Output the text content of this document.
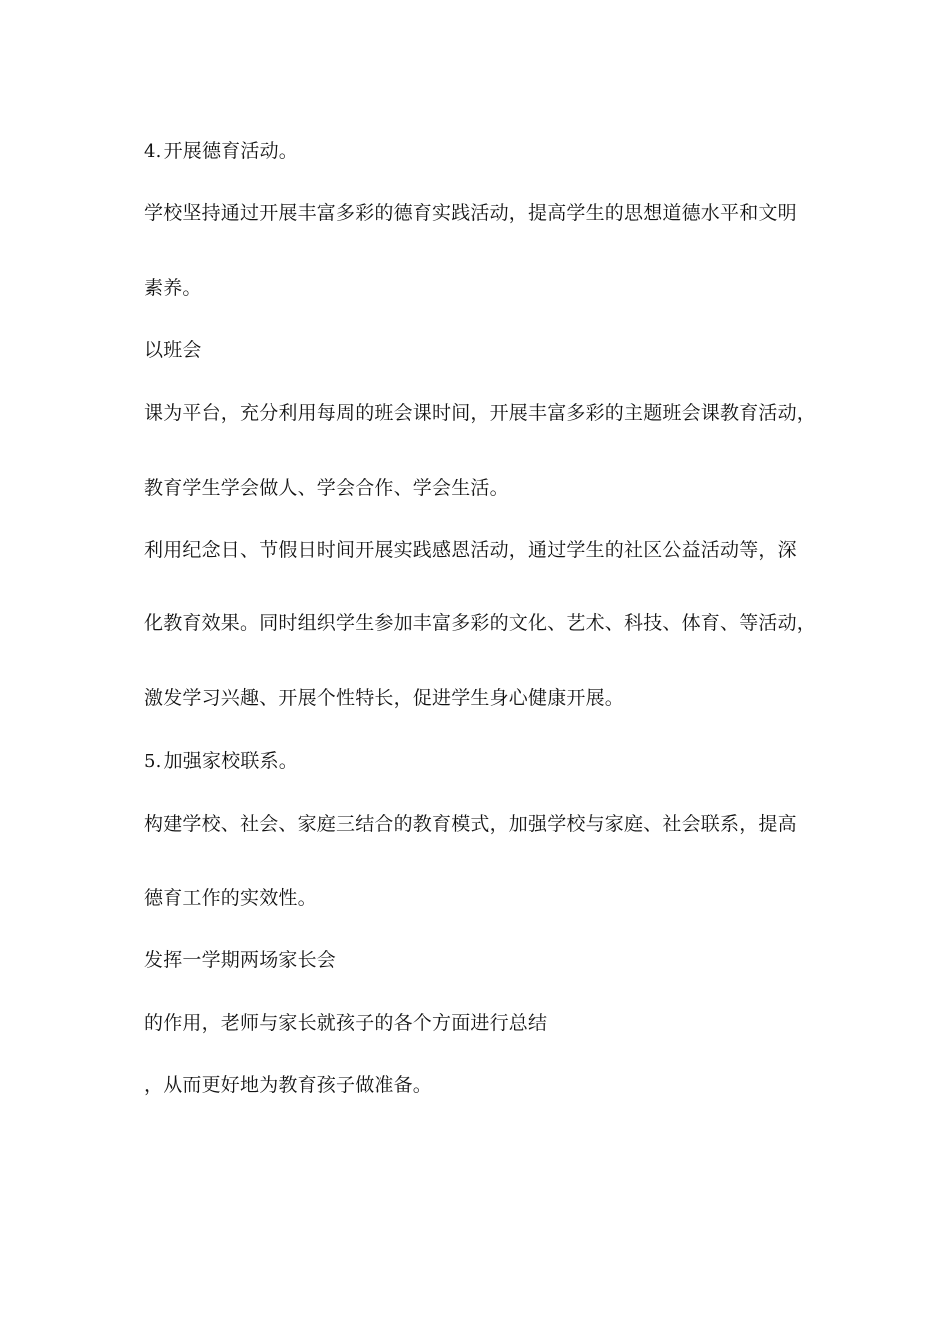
4. 开展德育活动。
学校坚持通过开展丰富多彩的德育实践活动，提高学生的思想道德水平和文明
素养。
以班会
课为平台，充分利用每周的班会课时间，开展丰富多彩的主题班会课教育活动，
教育学生学会做人、学会合作、学会生活。
利用纪念日、节假日时间开展实践感恩活动，通过学生的社区公益活动等，深
化教育效果。同时组织学生参加丰富多彩的文化、艺术、科技、体育、等活动，
激发学习兴趣、开展个性特长，促进学生身心健康开展。
5. 加强家校联系。
构建学校、社会、家庭三结合的教育模式，加强学校与家庭、社会联系，提高
德育工作的实效性。
发挥一学期两场家长会
的作用，老师与家长就孩子的各个方面进行总结
，从而更好地为教育孩子做准备。
